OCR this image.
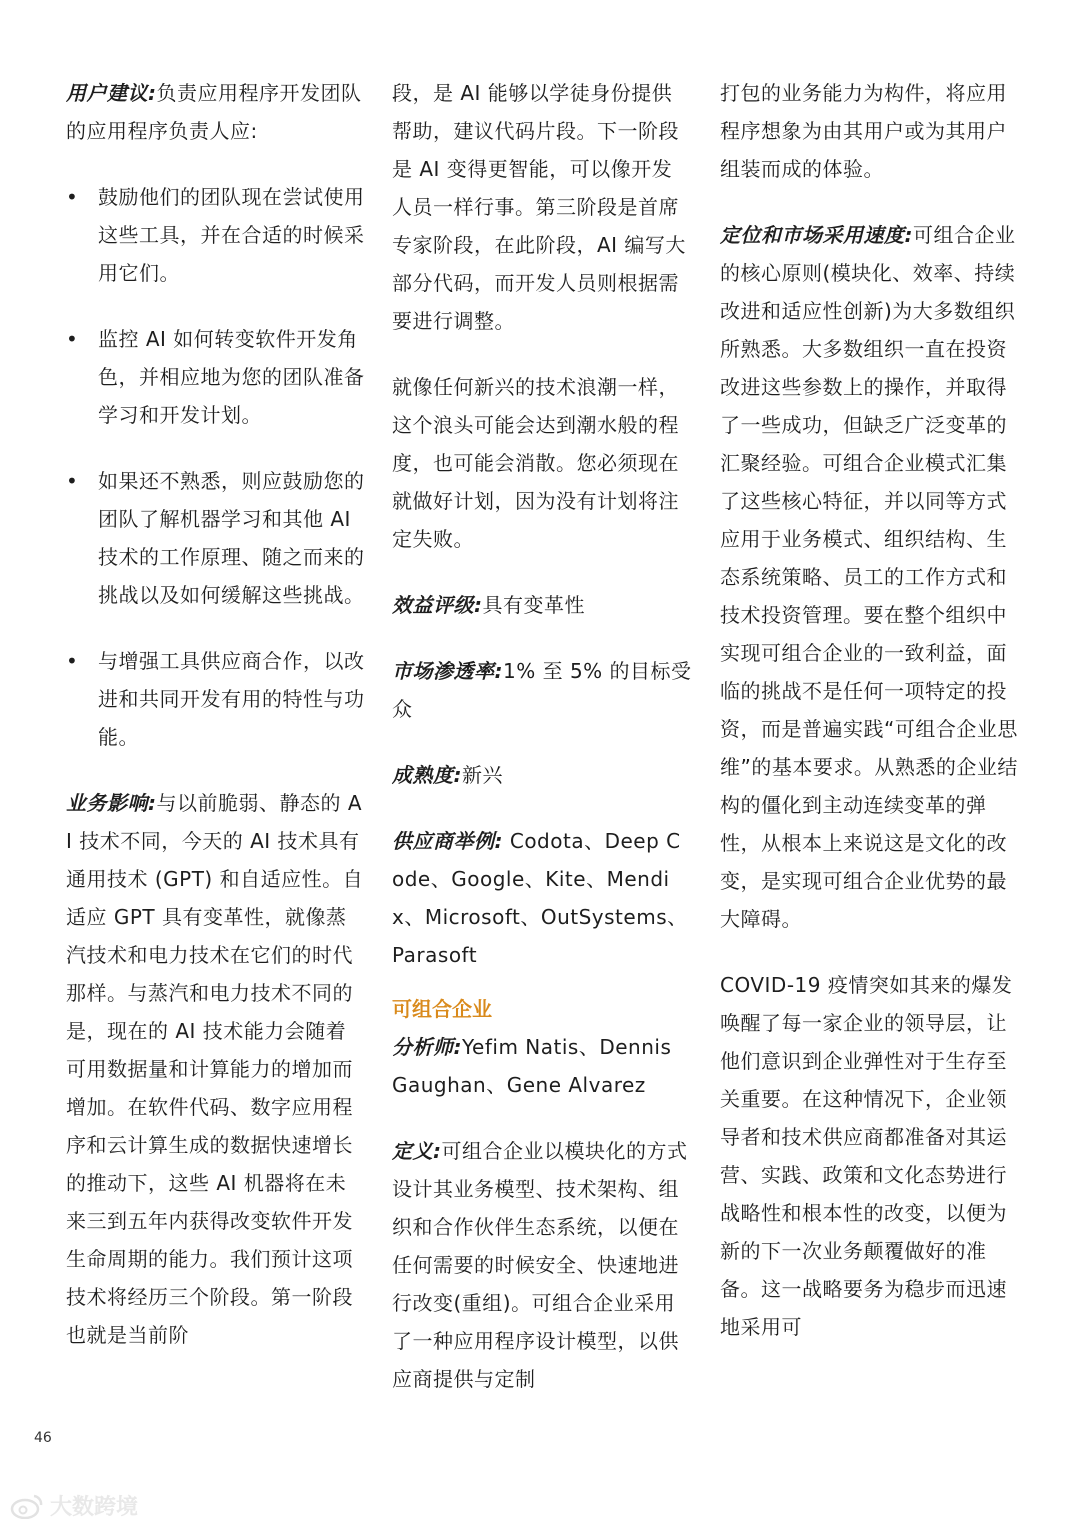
用户建议:负责应用程序开发团队的应用程序负责人应:

• 鼓励他们的团队现在尝试使用这些工具，并在合适的时候采用它们。
• 监控 AI 如何转变软件开发角色，并相应地为您的团队准备学习和开发计划。
• 如果还不熟悉，则应鼓励您的团队了解机器学习和其他 AI 技术的工作原理、随之而来的挑战以及如何缓解这些挑战。
• 与增强工具供应商合作，以改进和共同开发有用的特性与功能。

业务影响:与以前脆弱、静态的 AI 技术不同，今天的 AI 技术具有通用技术 (GPT) 和自适应性。自适应 GPT 具有变革性，就像蒸汽技术和电力技术在它们的时代那样。与蒸汽和电力技术不同的是，现在的 AI 技术能力会随着可用数据量和计算能力的增加而增加。在软件代码、数字应用程序和云计算生成的数据快速增长的推动下，这些 AI 机器将在未来三到五年内获得改变软件开发生命周期的能力。我们预计这项技术将经历三个阶段。第一阶段也就是当前阶

段，是 AI 能够以学徒身份提供帮助，建议代码片段。下一阶段是 AI 变得更智能，可以像开发人员一样行事。第三阶段是首席专家阶段，在此阶段，AI 编写大部分代码，而开发人员则根据需要进行调整。

就像任何新兴的技术浪潮一样，这个浪头可能会达到潮水般的程度，也可能会消散。您必须现在就做好计划，因为没有计划将注定失败。

效益评级:具有变革性

市场渗透率:1% 至 5% 的目标受众

成熟度:新兴

供应商举例: Codota、Deep Code、Google、Kite、Mendix、Microsoft、OutSystems、Parasoft

可组合企业

分析师:Yefim Natis、Dennis Gaughan、Gene Alvarez

定义:可组合企业以模块化的方式设计其业务模型、技术架构、组织和合作伙伴生态系统，以便在任何需要的时候安全、快速地进行改变(重组)。可组合企业采用了一种应用程序设计模型，以供应商提供与定制

打包的业务能力为构件，将应用程序想象为由其用户或为其用户组装而成的体验。

定位和市场采用速度:可组合企业的核心原则(模块化、效率、持续改进和适应性创新)为大多数组织所熟悉。大多数组织一直在投资改进这些参数上的操作，并取得了一些成功，但缺乏广泛变革的汇聚经验。可组合企业模式汇集了这些核心特征，并以同等方式应用于业务模式、组织结构、生态系统策略、员工的工作方式和技术投资管理。要在整个组织中实现可组合企业的一致利益，面临的挑战不是任何一项特定的投资，而是普遍实践“可组合企业思维”的基本要求。从熟悉的企业结构的僵化到主动连续变革的弹性，从根本上来说这是文化的改变，是实现可组合企业优势的最大障碍。

COVID-19 疫情突如其来的爆发唤醒了每一家企业的领导层，让他们意识到企业弹性对于生存至关重要。在这种情况下，企业领导者和技术供应商都准备对其运营、实践、政策和文化态势进行战略性和根本性的改变，以便为新的下一次业务颠覆做好的准备。这一战略要务为稳步而迅速地采用可

46
大数跨境
